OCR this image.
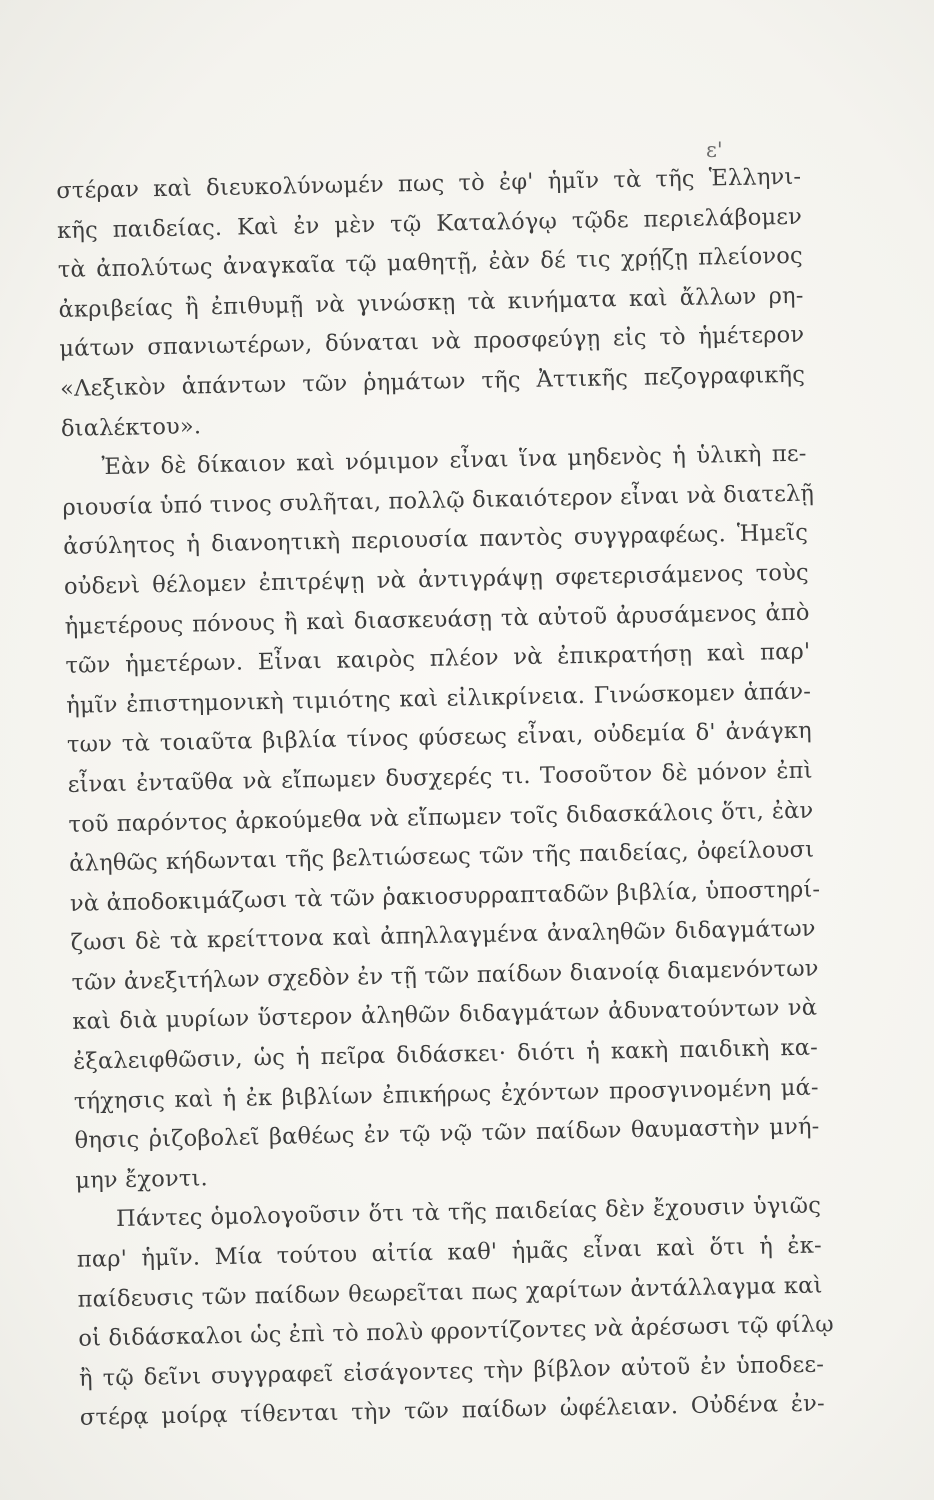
ε'
στέραν καὶ διευκολύνωμέν πως τὸ ἐφ' ἡμῖν τὰ τῆς Ἑλληνι-
κῆς παιδείας. Καὶ ἐν μὲν τῷ Καταλόγῳ τῷδε περιελάβομεν
τὰ ἀπολύτως ἀναγκαῖα τῷ μαθητῇ, ἐὰν δέ τις χρῄζῃ πλείονος
ἀκριβείας ἢ ἐπιθυμῇ νὰ γινώσκῃ τὰ κινήματα καὶ ἄλλων ρη-
μάτων σπανιωτέρων, δύναται νὰ προσφεύγῃ εἰς τὸ ἡμέτερον
«Λεξικὸν ἁπάντων τῶν ῥημάτων τῆς Ἀττικῆς πεζογραφικῆς
διαλέκτου».
Ἐὰν δὲ δίκαιον καὶ νόμιμον εἶναι ἵνα μηδενὸς ἡ ὑλικὴ πε-
ριουσία ὑπό τινος συλῆται, πολλῷ δικαιότερον εἶναι νὰ διατελῇ
ἀσύλητος ἡ διανοητικὴ περιουσία παντὸς συγγραφέως. Ἡμεῖς
οὐδενὶ θέλομεν ἐπιτρέψῃ νὰ ἀντιγράψῃ σφετερισάμενος τοὺς
ἡμετέρους πόνους ἢ καὶ διασκευάσῃ τὰ αὐτοῦ ἀρυσάμενος ἀπὸ
τῶν ἡμετέρων. Εἶναι καιρὸς πλέον νὰ ἐπικρατήσῃ καὶ παρ'
ἡμῖν ἐπιστημονικὴ τιμιότης καὶ εἰλικρίνεια. Γινώσκομεν ἁπάν-
των τὰ τοιαῦτα βιβλία τίνος φύσεως εἶναι, οὐδεμία δ' ἀνάγκη
εἶναι ἐνταῦθα νὰ εἴπωμεν δυσχερές τι. Τοσοῦτον δὲ μόνον ἐπὶ
τοῦ παρόντος ἀρκούμεθα νὰ εἴπωμεν τοῖς διδασκάλοις ὅτι, ἐὰν
ἀληθῶς κήδωνται τῆς βελτιώσεως τῶν τῆς παιδείας, ὀφείλουσι
νὰ ἀποδοκιμάζωσι τὰ τῶν ῥακιοσυρραπταδῶν βιβλία, ὑποστηρί-
ζωσι δὲ τὰ κρείττονα καὶ ἀπηλλαγμένα ἀναληθῶν διδαγμάτων
τῶν ἀνεξιτήλων σχεδὸν ἐν τῇ τῶν παίδων διανοίᾳ διαμενόντων
καὶ διὰ μυρίων ὕστερον ἀληθῶν διδαγμάτων ἀδυνατούντων νὰ
ἐξαλειφθῶσιν, ὡς ἡ πεῖρα διδάσκει· διότι ἡ κακὴ παιδικὴ κα-
τήχησις καὶ ἡ ἐκ βιβλίων ἐπικήρως ἐχόντων προσγινομένη μά-
θησις ῥιζοβολεῖ βαθέως ἐν τῷ νῷ τῶν παίδων θαυμαστὴν μνή-
μην ἔχοντι.
Πάντες ὁμολογοῦσιν ὅτι τὰ τῆς παιδείας δὲν ἔχουσιν ὑγιῶς
παρ' ἡμῖν. Μία τούτου αἰτία καθ' ἡμᾶς εἶναι καὶ ὅτι ἡ ἐκ-
παίδευσις τῶν παίδων θεωρεῖται πως χαρίτων ἀντάλλαγμα καὶ
οἱ διδάσκαλοι ὡς ἐπὶ τὸ πολὺ φροντίζοντες νὰ ἀρέσωσι τῷ φίλῳ
ἢ τῷ δεῖνι συγγραφεῖ εἰσάγοντες τὴν βίβλον αὐτοῦ ἐν ὑποδεε-
στέρᾳ μοίρᾳ τίθενται τὴν τῶν παίδων ὠφέλειαν. Οὐδένα ἐν-
